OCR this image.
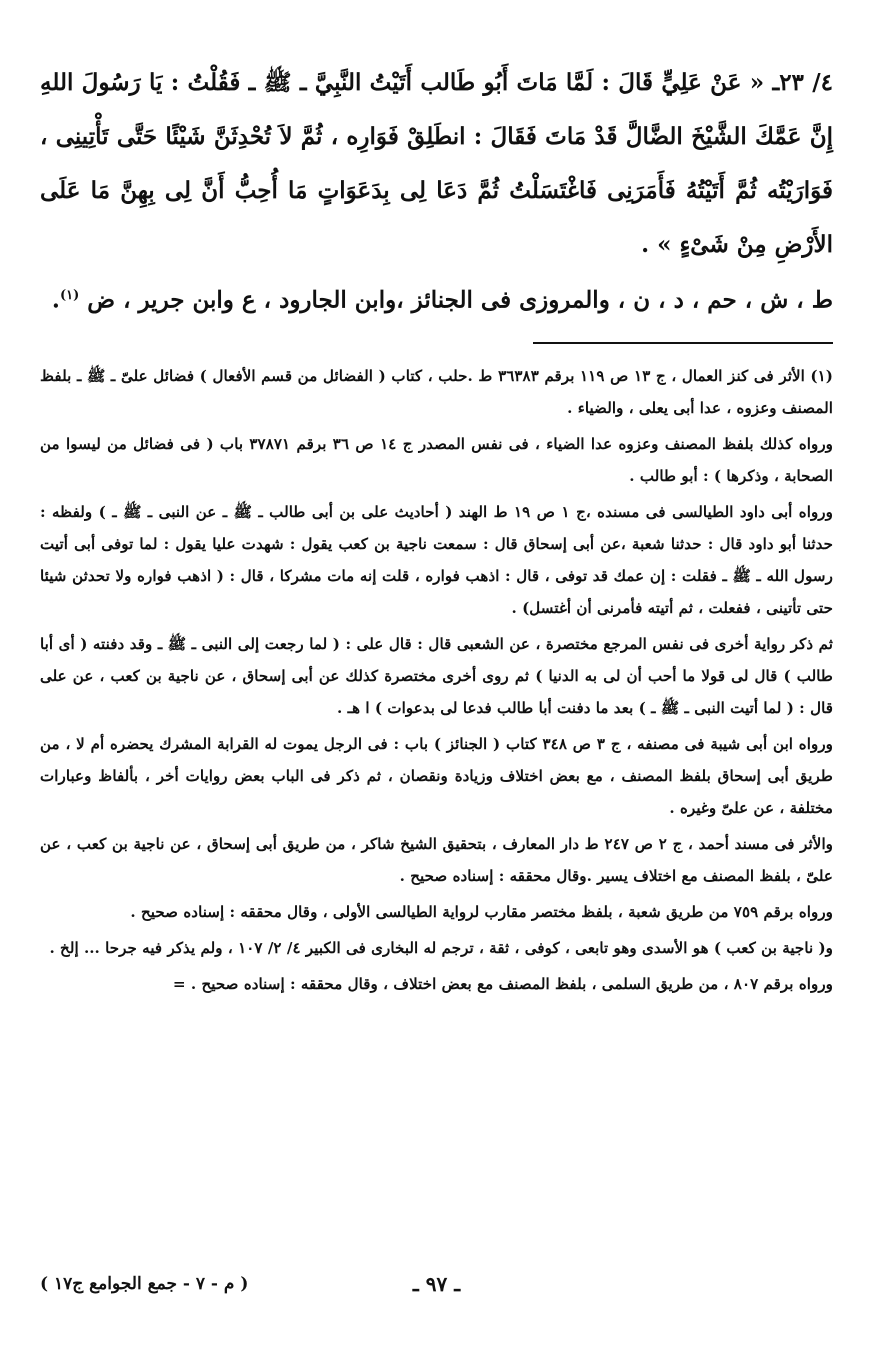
٤/ ٢٣ـ « عَنْ عَلِيٍّ قَالَ : لَمَّا مَاتَ أَبُو طَالب أَتَيْتُ النَّبِيَّ ـ ﷺ ـ فَقُلْتُ : يَا رَسُولَ اللهِ إِنَّ عَمَّكَ الشَّيْخَ الضَّالَّ قَدْ مَاتَ فَقَالَ : انطَلِقْ فَوَارِه ، ثُمَّ لاَ تُحْدِثَنَّ شَيْئًا حَتَّى تَأْتِينِى ، فَوَارَيْتُه ثُمَّ أَتَيْتُهُ فَأَمَرَنِى فَاغْتَسَلْتُ ثُمَّ دَعَا لِى بِدَعَوَاتٍ مَا أُحِبُّ أَنَّ لِى بِهِنَّ مَا عَلَى الأَرْضِ مِنْ شَىْءٍ » .

ط ، ش ، حم ، د ، ن ، والمروزى فى الجنائز ،وابن الجارود ، ع وابن جرير ، ض $^{(١)}$.

(١) الأثر فى كنز العمال ، ج ١٣ ص ١١٩ برقم ٣٦٣٨٣ ط .حلب ، كتاب ( الفضائل من قسم الأفعال ) فضائل علىّ ـ ﷺ ـ بلفظ المصنف وعزوه ، عدا أبى يعلى ، والضياء .

ورواه كذلك بلفظ المصنف وعزوه عدا الضياء ، فى نفس المصدر ج ١٤ ص ٣٦ برقم ٣٧٨٧١ باب ( فى فضائل من ليسوا من الصحابة ، وذكرها ) : أبو طالب .

ورواه أبى داود الطيالسى فى مسنده ،ج ١ ص ١٩ ط الهند ( أحاديث على بن أبى طالب ـ ﷺ ـ عن النبى ـ ﷺ ـ ) ولفظه : حدثنا أبو داود قال : حدثنا شعبة ،عن أبى إسحاق قال : سمعت ناجية بن كعب يقول : شهدت عليا يقول : لما توفى أبى أتيت رسول الله ـ ﷺ ـ فقلت : إن عمك قد توفى ، قال : اذهب فواره ، قلت إنه مات مشركا ، قال : ( اذهب فواره ولا تحدثن شيئا حتى تأتينى ، ففعلت ، ثم أتيته فأمرنى أن أغتسل) .

ثم ذكر رواية أخرى فى نفس المرجع مختصرة ، عن الشعبى قال : قال على : ( لما رجعت إلى النبى ـ ﷺ ـ وقد دفنته ( أى أبا طالب ) قال لى قولا ما أحب أن لى به الدنيا ) ثم روى أخرى مختصرة كذلك عن أبى إسحاق ، عن ناجية بن كعب ، عن على قال : ( لما أتيت النبى ـ ﷺ ـ ) بعد ما دفنت أبا طالب فدعا لى بدعوات ) ا هـ .

ورواه ابن أبى شيبة فى مصنفه ، ج ٣ ص ٣٤٨ كتاب ( الجنائز ) باب : فى الرجل يموت له القرابة المشرك يحضره أم لا ، من طريق أبى إسحاق بلفظ المصنف ، مع بعض اختلاف وزيادة ونقصان ، ثم ذكر فى الباب بعض روايات أخر ، بألفاظ وعبارات مختلفة ، عن علىّ وغيره .

والأثر فى مسند أحمد ، ج ٢ ص ٢٤٧ ط دار المعارف ، بتحقيق الشيخ شاكر ، من طريق أبى إسحاق ، عن ناجية بن كعب ، عن علىّ ، بلفظ المصنف مع اختلاف يسير .وقال محققه : إسناده صحيح .

ورواه برقم ٧٥٩ من طريق شعبة ، بلفظ مختصر مقارب لرواية الطيالسى الأولى ، وقال محققه : إسناده صحيح .

و( ناجية بن كعب ) هو الأسدى وهو تابعى ، كوفى ، ثقة ، ترجم له البخارى فى الكبير ٤/ ٢/ ١٠٧ ، ولم يذكر فيه جرحا ... إلخ .

ورواه برقم ٨٠٧ ، من طريق السلمى ، بلفظ المصنف مع بعض اختلاف ، وقال محققه : إسناده صحيح . =

ـ ٩٧ ـ
( م - ٧ - جمع الجوامع ج١٧ )
